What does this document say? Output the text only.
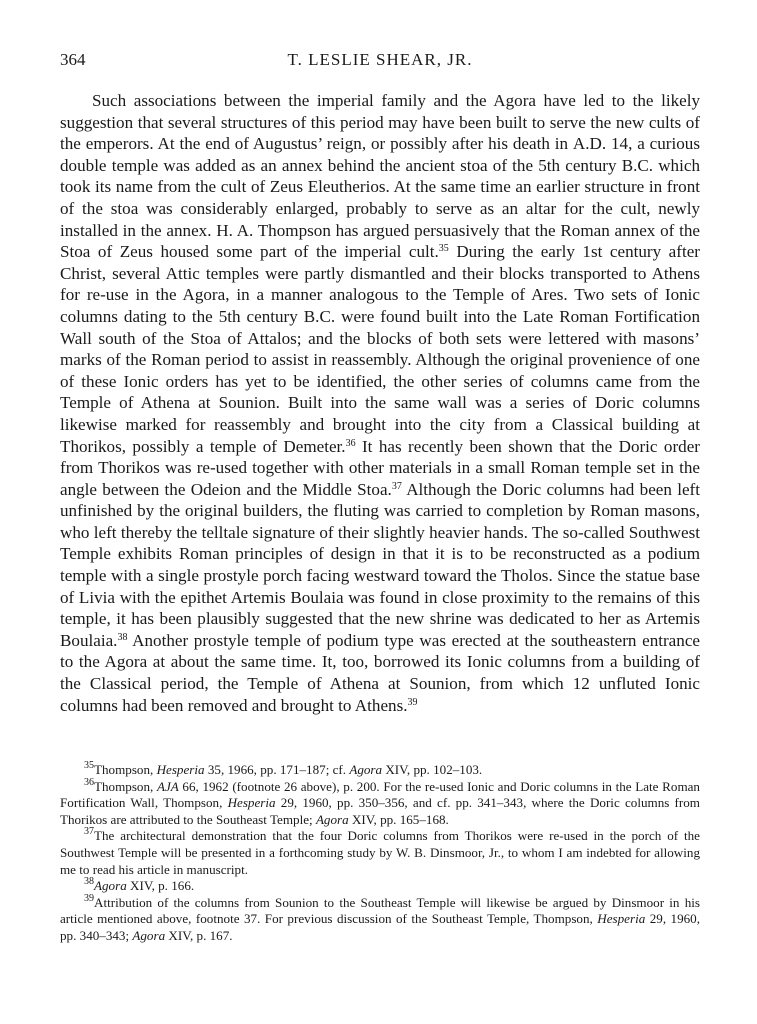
364	T. LESLIE SHEAR, JR.

Such associations between the imperial family and the Agora have led to the likely suggestion that several structures of this period may have been built to serve the new cults of the emperors. At the end of Augustus’ reign, or possibly after his death in A.D. 14, a curious double temple was added as an annex behind the ancient stoa of the 5th century B.C. which took its name from the cult of Zeus Eleutherios. At the same time an earlier structure in front of the stoa was considerably enlarged, probably to serve as an altar for the cult, newly installed in the annex. H. A. Thompson has argued persuasively that the Roman annex of the Stoa of Zeus housed some part of the imperial cult.$^{35}$ During the early 1st century after Christ, several Attic temples were partly dismantled and their blocks transported to Athens for re-use in the Agora, in a manner analogous to the Temple of Ares. Two sets of Ionic columns dating to the 5th century B.C. were found built into the Late Roman Fortification Wall south of the Stoa of Attalos; and the blocks of both sets were lettered with masons’ marks of the Roman period to assist in reassembly. Although the original provenience of one of these Ionic orders has yet to be identified, the other series of columns came from the Temple of Athena at Sounion. Built into the same wall was a series of Doric columns likewise marked for reassembly and brought into the city from a Classical building at Thorikos, possibly a temple of Demeter.$^{36}$ It has recently been shown that the Doric order from Thorikos was re-used together with other materials in a small Roman temple set in the angle between the Odeion and the Middle Stoa.$^{37}$ Although the Doric columns had been left unfinished by the original builders, the fluting was carried to completion by Roman masons, who left thereby the telltale signature of their slightly heavier hands. The so-called Southwest Temple exhibits Roman principles of design in that it is to be reconstructed as a podium temple with a single prostyle porch facing westward toward the Tholos. Since the statue base of Livia with the epithet Artemis Boulaia was found in close proximity to the remains of this temple, it has been plausibly suggested that the new shrine was dedicated to her as Artemis Boulaia.$^{38}$ Another prostyle temple of podium type was erected at the southeastern entrance to the Agora at about the same time. It, too, borrowed its Ionic columns from a building of the Classical period, the Temple of Athena at Sounion, from which 12 unfluted Ionic columns had been removed and brought to Athens.$^{39}$

$^{35}$Thompson, Hesperia 35, 1966, pp. 171–187; cf. Agora XIV, pp. 102–103.

$^{36}$Thompson, AJA 66, 1962 (footnote 26 above), p. 200. For the re-used Ionic and Doric columns in the Late Roman Fortification Wall, Thompson, Hesperia 29, 1960, pp. 350–356, and cf. pp. 341–343, where the Doric columns from Thorikos are attributed to the Southeast Temple; Agora XIV, pp. 165–168.

$^{37}$The architectural demonstration that the four Doric columns from Thorikos were re-used in the porch of the Southwest Temple will be presented in a forthcoming study by W. B. Dinsmoor, Jr., to whom I am indebted for allowing me to read his article in manuscript.

$^{38}$Agora XIV, p. 166.

$^{39}$Attribution of the columns from Sounion to the Southeast Temple will likewise be argued by Dinsmoor in his article mentioned above, footnote 37. For previous discussion of the Southeast Temple, Thompson, Hesperia 29, 1960, pp. 340–343; Agora XIV, p. 167.
